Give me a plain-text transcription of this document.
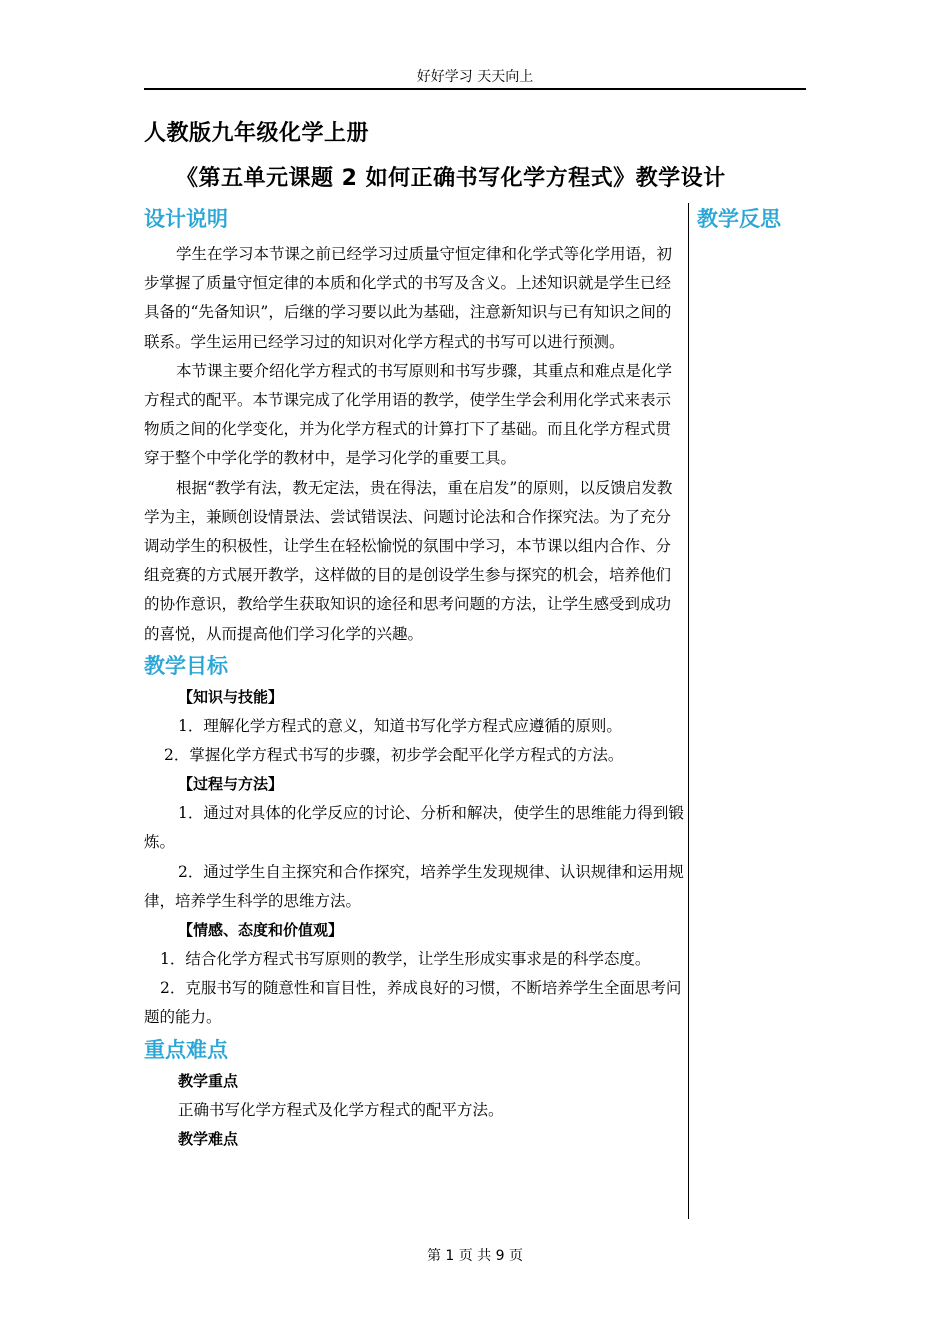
好好学习 天天向上
人教版九年级化学上册
《第五单元课题 2 如何正确书写化学方程式》教学设计
教学反思
设计说明

学生在学习本节课之前已经学习过质量守恒定律和化学式等化学用语，初步掌握了质量守恒定律的本质和化学式的书写及含义。上述知识就是学生已经具备的“先备知识”，后继的学习要以此为基础，注意新知识与已有知识之间的联系。学生运用已经学习过的知识对化学方程式的书写可以进行预测。

本节课主要介绍化学方程式的书写原则和书写步骤，其重点和难点是化学方程式的配平。本节课完成了化学用语的教学，使学生学会利用化学式来表示物质之间的化学变化，并为化学方程式的计算打下了基础。而且化学方程式贯穿于整个中学化学的教材中，是学习化学的重要工具。

根据“教学有法，教无定法，贵在得法，重在启发”的原则，以反馈启发教学为主，兼顾创设情景法、尝试错误法、问题讨论法和合作探究法。为了充分调动学生的积极性，让学生在轻松愉悦的氛围中学习，本节课以组内合作、分组竞赛的方式展开教学，这样做的目的是创设学生参与探究的机会，培养他们的协作意识，教给学生获取知识的途径和思考问题的方法，让学生感受到成功的喜悦，从而提高他们学习化学的兴趣。

教学目标
【知识与技能】

1．理解化学方程式的意义，知道书写化学方程式应遵循的原则。

2．掌握化学方程式书写的步骤，初步学会配平化学方程式的方法。

【过程与方法】

1．通过对具体的化学反应的讨论、分析和解决，使学生的思维能力得到锻炼。

2．通过学生自主探究和合作探究，培养学生发现规律、认识规律和运用规律，培养学生科学的思维方法。

【情感、态度和价值观】

1．结合化学方程式书写原则的教学，让学生形成实事求是的科学态度。

2．克服书写的随意性和盲目性，养成良好的习惯，不断培养学生全面思考问题的能力。

重点难点
教学重点

正确书写化学方程式及化学方程式的配平方法。

教学难点
第 1 页 共 9 页
